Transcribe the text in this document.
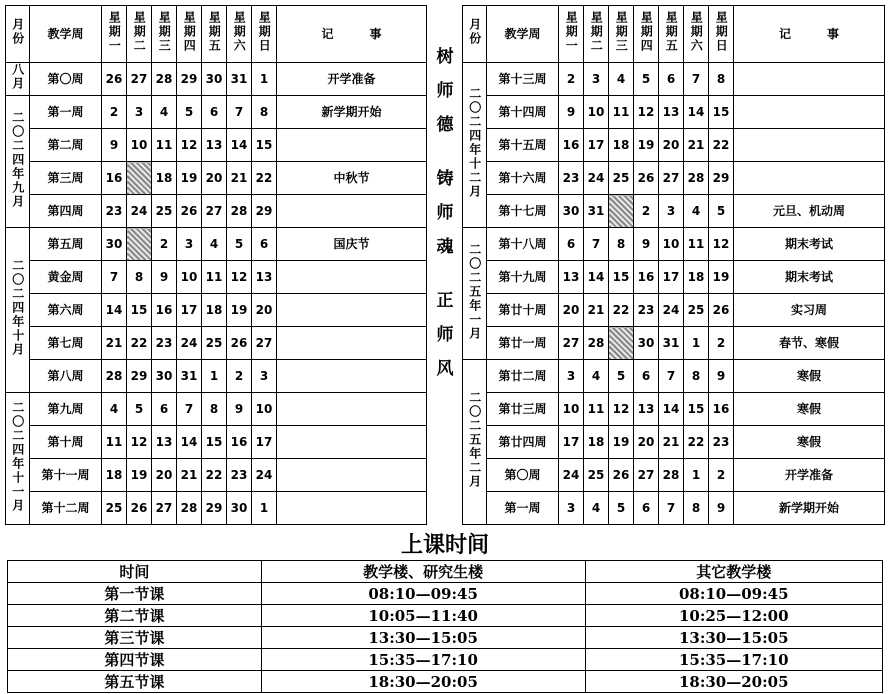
月份	教学周	星期一	星期二	星期三	星期四	星期五	星期六	星期日	记　　　事
八月	第〇周	26	27	28	29	30	31	1	开学准备
二〇二四年九月	第一周	2	3	4	5	6	7	8	新学期开始
	第二周	9	10	11	12	13	14	15	
	第三周	16		18	19	20	21	22	中秋节
	第四周	23	24	25	26	27	28	29	
二〇二四年十月	第五周	30		2	3	4	5	6	国庆节
	黄金周	7	8	9	10	11	12	13	
	第六周	14	15	16	17	18	19	20	
	第七周	21	22	23	24	25	26	27	
	第八周	28	29	30	31	1	2	3	
二〇二四年十一月	第九周	4	5	6	7	8	9	10	
	第十周	11	12	13	14	15	16	17	
	第十一周	18	19	20	21	22	23	24	
	第十二周	25	26	27	28	29	30	1	
树
师
德
铸
师
魂
正
师
风
月份	教学周	星期一	星期二	星期三	星期四	星期五	星期六	星期日	记　　　事
二〇二四年十二月	第十三周	2	3	4	5	6	7	8	
	第十四周	9	10	11	12	13	14	15	
	第十五周	16	17	18	19	20	21	22	
	第十六周	23	24	25	26	27	28	29	
	第十七周	30	31		2	3	4	5	元旦、机动周
二〇二五年一月	第十八周	6	7	8	9	10	11	12	期末考试
	第十九周	13	14	15	16	17	18	19	期末考试
	第廿十周	20	21	22	23	24	25	26	实习周
	第廿一周	27	28		30	31	1	2	春节、寒假
二〇二五年二月	第廿二周	3	4	5	6	7	8	9	寒假
	第廿三周	10	11	12	13	14	15	16	寒假
	第廿四周	17	18	19	20	21	22	23	寒假
	第〇周	24	25	26	27	28	1	2	开学准备
	第一周	3	4	5	6	7	8	9	新学期开始
上课时间
时间	教学楼、研究生楼	其它教学楼
第一节课	08:10—09:45	08:10—09:45
第二节课	10:05—11:40	10:25—12:00
第三节课	13:30—15:05	13:30—15:05
第四节课	15:35—17:10	15:35—17:10
第五节课	18:30—20:05	18:30—20:05
